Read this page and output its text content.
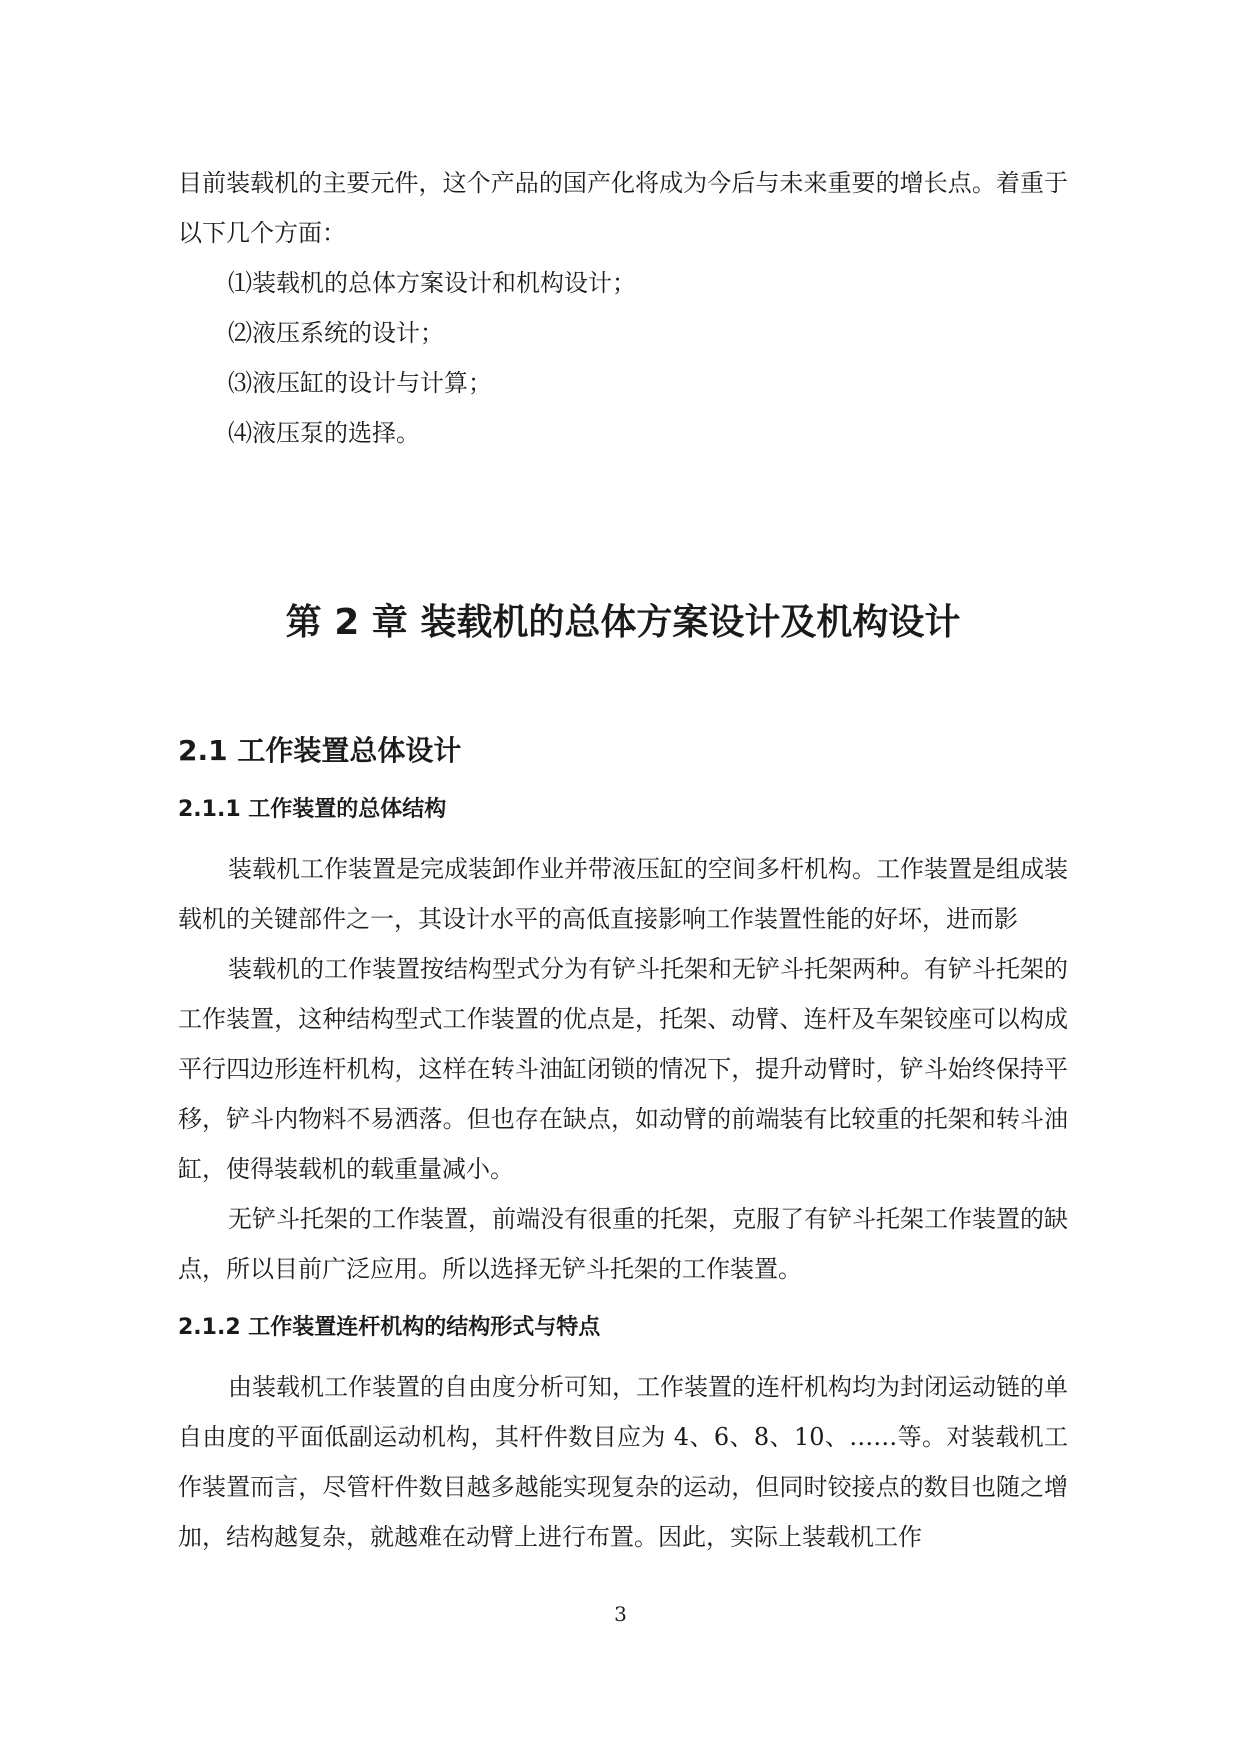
目前装载机的主要元件，这个产品的国产化将成为今后与未来重要的增长点。着重于以下几个方面：

⑴装载机的总体方案设计和机构设计；

⑵液压系统的设计；

⑶液压缸的设计与计算；

⑷液压泵的选择。

第 2 章 装载机的总体方案设计及机构设计
2.1 工作装置总体设计
2.1.1 工作装置的总体结构

装载机工作装置是完成装卸作业并带液压缸的空间多杆机构。工作装置是组成装载机的关键部件之一，其设计水平的高低直接影响工作装置性能的好坏，进而影

装载机的工作装置按结构型式分为有铲斗托架和无铲斗托架两种。有铲斗托架的工作装置，这种结构型式工作装置的优点是，托架、动臂、连杆及车架铰座可以构成平行四边形连杆机构，这样在转斗油缸闭锁的情况下，提升动臂时，铲斗始终保持平移，铲斗内物料不易洒落。但也存在缺点，如动臂的前端装有比较重的托架和转斗油缸，使得装载机的载重量减小。

无铲斗托架的工作装置，前端没有很重的托架，克服了有铲斗托架工作装置的缺点，所以目前广泛应用。所以选择无铲斗托架的工作装置。

2.1.2 工作装置连杆机构的结构形式与特点

由装载机工作装置的自由度分析可知，工作装置的连杆机构均为封闭运动链的单自由度的平面低副运动机构，其杆件数目应为 4、6、8、10、……等。对装载机工作装置而言，尽管杆件数目越多越能实现复杂的运动，但同时铰接点的数目也随之增加，结构越复杂，就越难在动臂上进行布置。因此，实际上装载机工作

3
